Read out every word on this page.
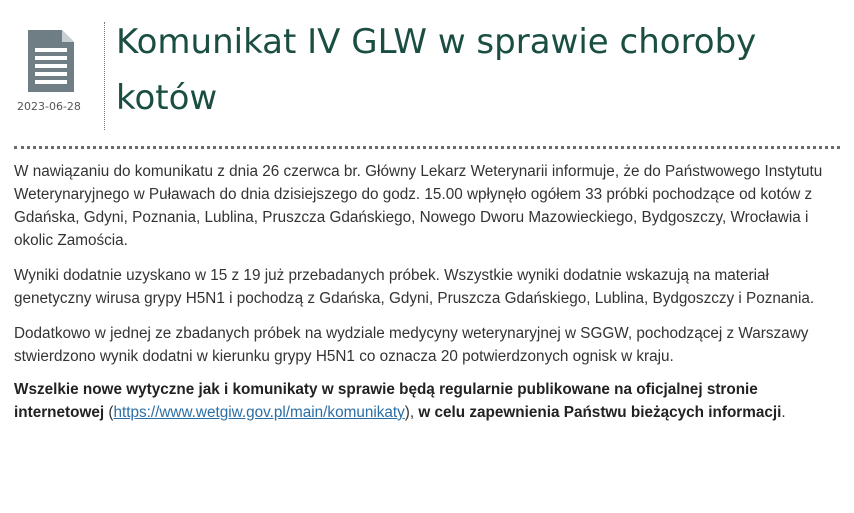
2023-06-28
Komunikat IV GLW w sprawie choroby kotów

W nawiązaniu do komunikatu z dnia 26 czerwca br. Główny Lekarz Weterynarii informuje, że do Państwowego Instytutu Weterynaryjnego w Puławach do dnia dzisiejszego do godz. 15.00 wpłynęło ogółem 33 próbki pochodzące od kotów z Gdańska, Gdyni, Poznania, Lublina, Pruszcza Gdańskiego, Nowego Dworu Mazowieckiego, Bydgoszczy, Wrocławia i okolic Zamościa.

Wyniki dodatnie uzyskano w 15 z 19 już przebadanych próbek. Wszystkie wyniki dodatnie wskazują na materiał genetyczny wirusa grypy H5N1 i pochodzą z Gdańska, Gdyni, Pruszcza Gdańskiego, Lublina, Bydgoszczy i Poznania.

Dodatkowo w jednej ze zbadanych próbek na wydziale medycyny weterynaryjnej w SGGW, pochodzącej z Warszawy stwierdzono wynik dodatni w kierunku grypy H5N1 co oznacza 20 potwierdzonych ognisk w kraju.

Wszelkie nowe wytyczne jak i komunikaty w sprawie będą regularnie publikowane na oficjalnej stronie internetowej (https://www.wetgiw.gov.pl/main/komunikaty), w celu zapewnienia Państwu bieżących informacji.
